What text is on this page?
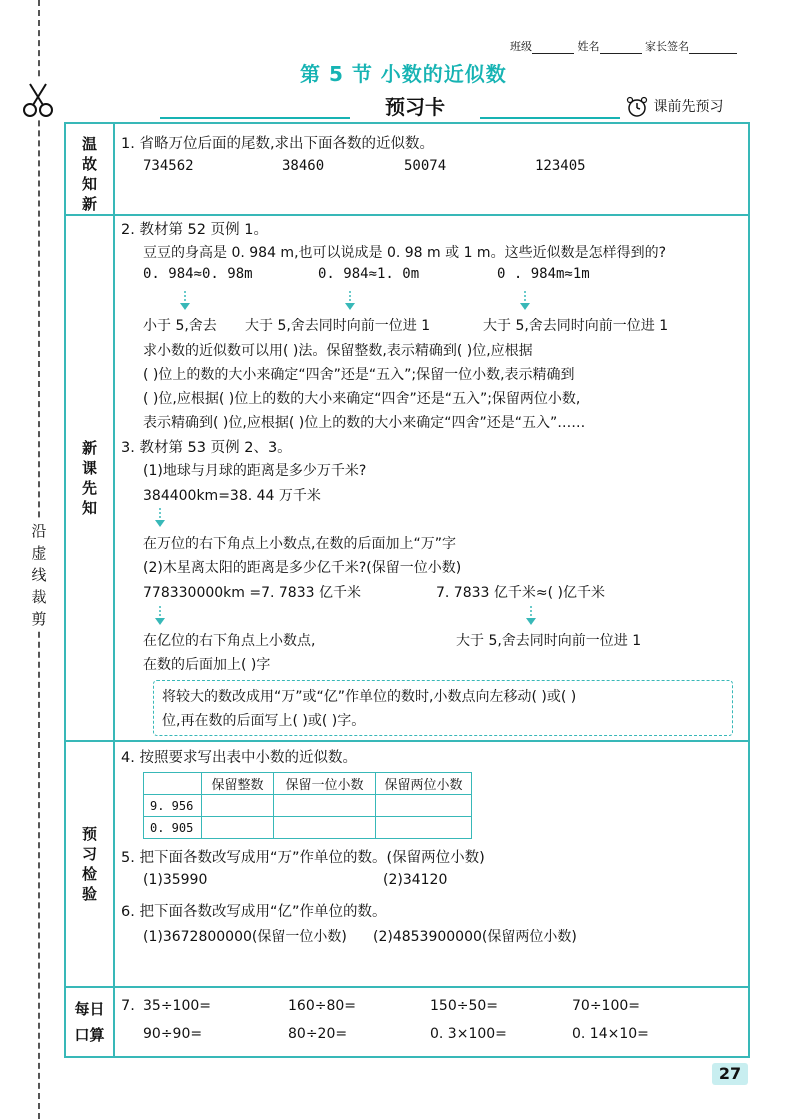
沿
虚
线
裁
剪
班级	姓名	家长签名
第 5 节 小数的近似数
预习卡	课前先预习
温
故
知
新
新
课
先
知
预
习
检
验
每日
口算
1. 省略万位后面的尾数,求出下面各数的近似数。
734562	38460	50074	123405
2. 教材第 52 页例 1。
豆豆的身高是 0. 984 m,也可以说成是 0. 98 m 或 1 m。这些近似数是怎样得到的?
0. 984≈0. 98m	0. 984≈1. 0m	0 . 984m≈1m
小于 5,舍去 大于 5,舍去同时向前一位进 1	大于 5,舍去同时向前一位进 1
求小数的近似数可以用( )法。保留整数,表示精确到( )位,应根据
( )位上的数的大小来确定“四舍”还是“五入”;保留一位小数,表示精确到
( )位,应根据( )位上的数的大小来确定“四舍”还是“五入”;保留两位小数,
表示精确到( )位,应根据( )位上的数的大小来确定“四舍”还是“五入”……
3. 教材第 53 页例 2、3。
(1)地球与月球的距离是多少万千米?
384400km=38. 44 万千米
在万位的右下角点上小数点,在数的后面加上“万”字
(2)木星离太阳的距离是多少亿千米?(保留一位小数)
778330000km =7. 7833 亿千米	7. 7833 亿千米≈( )亿千米
在亿位的右下角点上小数点,	大于 5,舍去同时向前一位进 1
在数的后面加上( )字
将较大的数改成用“万”或“亿”作单位的数时,小数点向左移动( )或( )
位,再在数的后面写上( )或( )字。
4. 按照要求写出表中小数的近似数。
	保留整数	保留一位小数	保留两位小数
9. 956			
0. 905			
5. 把下面各数改写成用“万”作单位的数。(保留两位小数)
(1)35990	(2)34120
6. 把下面各数改写成用“亿”作单位的数。
(1)3672800000(保留一位小数) (2)4853900000(保留两位小数)
7. 35÷100=	160÷80=	150÷50=	70÷100=
90÷90=	80÷20=	0. 3×100=	0. 14×10=
27
